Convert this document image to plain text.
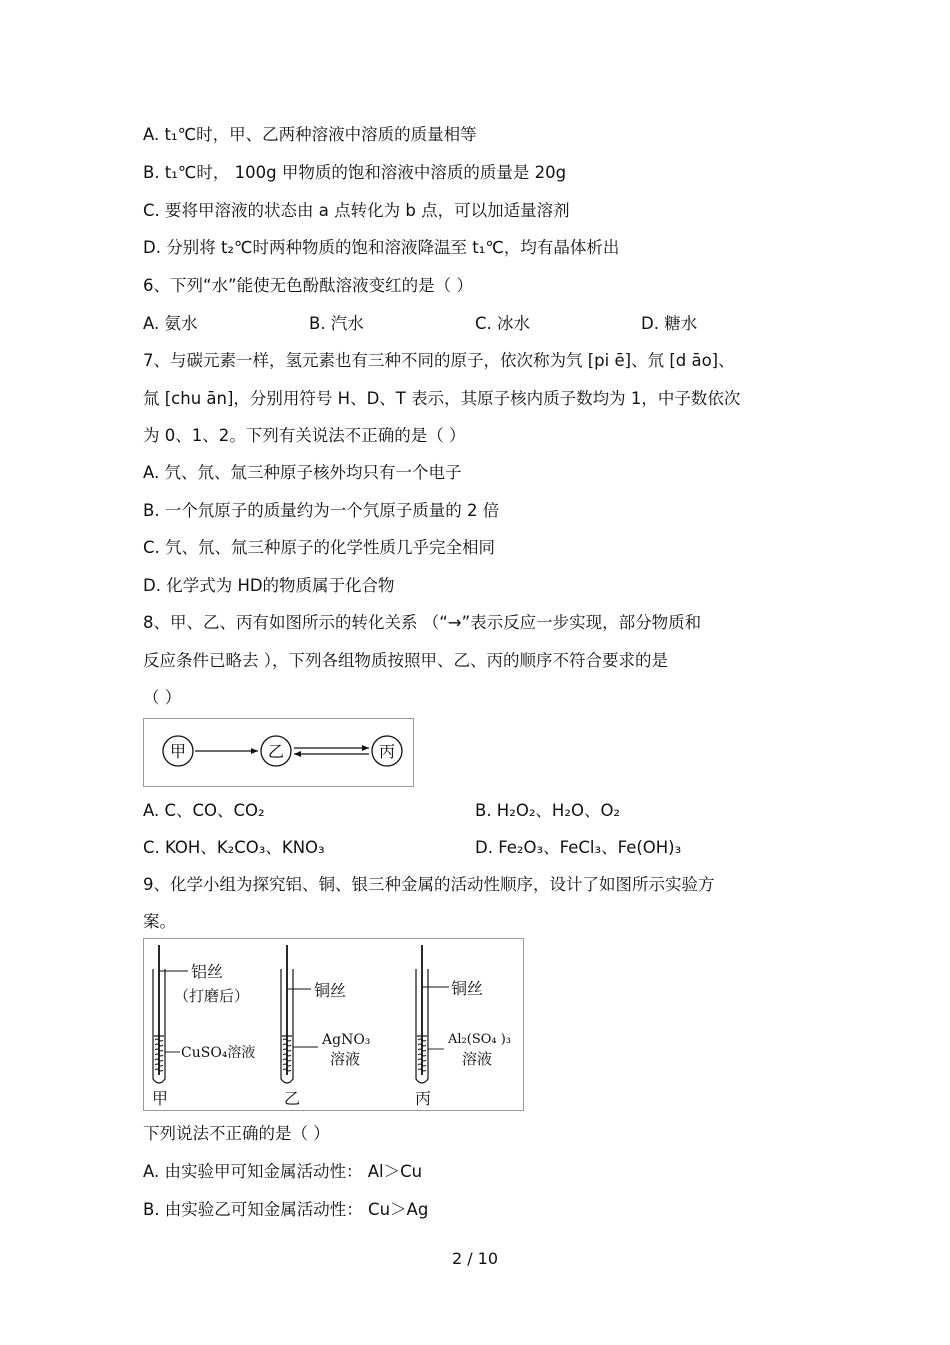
A. t₁℃时，甲、乙两种溶液中溶质的质量相等
B. t₁℃时， 100g 甲物质的饱和溶液中溶质的质量是 20g
C. 要将甲溶液的状态由 a 点转化为 b 点，可以加适量溶剂
D. 分别将 t₂℃时两种物质的饱和溶液降温至 t₁℃，均有晶体析出
6、下列“水”能使无色酚酞溶液变红的是（ ）
A. 氨水	B. 汽水	C. 冰水	D. 糖水
7、与碳元素一样，氢元素也有三种不同的原子，依次称为氕 [pi ē]、氘 [d āo]、
氚 [chu ān]，分别用符号 H、D、T 表示，其原子核内质子数均为 1，中子数依次
为 0、1、2。下列有关说法不正确的是（ ）
A. 氕、氘、氚三种原子核外均只有一个电子
B. 一个氘原子的质量约为一个氕原子质量的 2 倍
C. 氕、氘、氚三种原子的化学性质几乎完全相同
D. 化学式为 HD的物质属于化合物
8、甲、乙、丙有如图所示的转化关系 （“→”表示反应一步实现，部分物质和
反应条件已略去 ），下列各组物质按照甲、乙、丙的顺序不符合要求的是
（ ）
甲	乙	丙
A. C、CO、CO₂	B. H₂O₂、H₂O、O₂
C. KOH、K₂CO₃、KNO₃	D. Fe₂O₃、FeCl₃、Fe(OH)₃
9、化学小组为探究铝、铜、银三种金属的活动性顺序，设计了如图所示实验方
案。
铝丝
（打磨后）
CuSO₄溶液
铜丝
AgNO₃
溶液
铜丝
Al₂(SO₄ )₃
溶液
甲	乙	丙
下列说法不正确的是（ ）
A. 由实验甲可知金属活动性： Al＞Cu
B. 由实验乙可知金属活动性： Cu＞Ag
2 / 10
